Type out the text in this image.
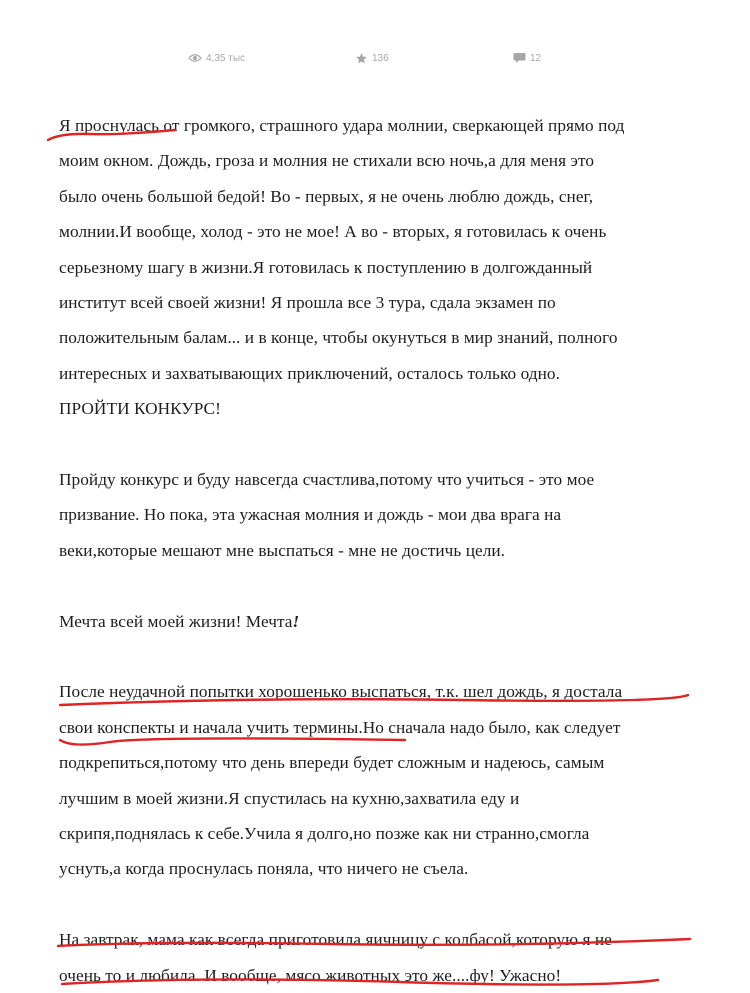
4,35 тыс	136	12

Я проснулась от громкого, страшного удара молнии, сверкающей прямо под
моим окном. Дождь, гроза и молния не стихали всю ночь,а для меня это
было очень большой бедой! Во - первых, я не очень люблю дождь, снег,
молнии.И вообще, холод - это не мое! А во - вторых, я готовилась к очень
серьезному шагу в жизни.Я готовилась к поступлению в долгожданный
институт всей своей жизни! Я прошла все 3 тура, сдала экзамен по
положительным балам... и в конце, чтобы окунуться в мир знаний, полного
интересных и захватывающих приключений, осталось только одно.
ПРОЙТИ КОНКУРС!

Пройду конкурс и буду навсегда счастлива,потому что учиться - это мое
призвание. Но пока, эта ужасная молния и дождь - мои два врага на
веки,которые мешают мне выспаться - мне не достичь цели.

Мечта всей моей жизни! Мечта!

После неудачной попытки хорошенько выспаться, т.к. шел дождь, я достала
свои конспекты и начала учить термины.Но сначала надо было, как следует
подкрепиться,потому что день впереди будет сложным и надеюсь, самым
лучшим в моей жизни.Я спустилась на кухню,захватила еду и
скрипя,поднялась к себе.Учила я долго,но позже как ни странно,смогла
уснуть,а когда проснулась поняла, что ничего не съела.

На завтрак, мама как всегда приготовила яичницу с колбасой,которую я не
очень то и любила. И вообще, мясо животных это же....фу! Ужасно!
